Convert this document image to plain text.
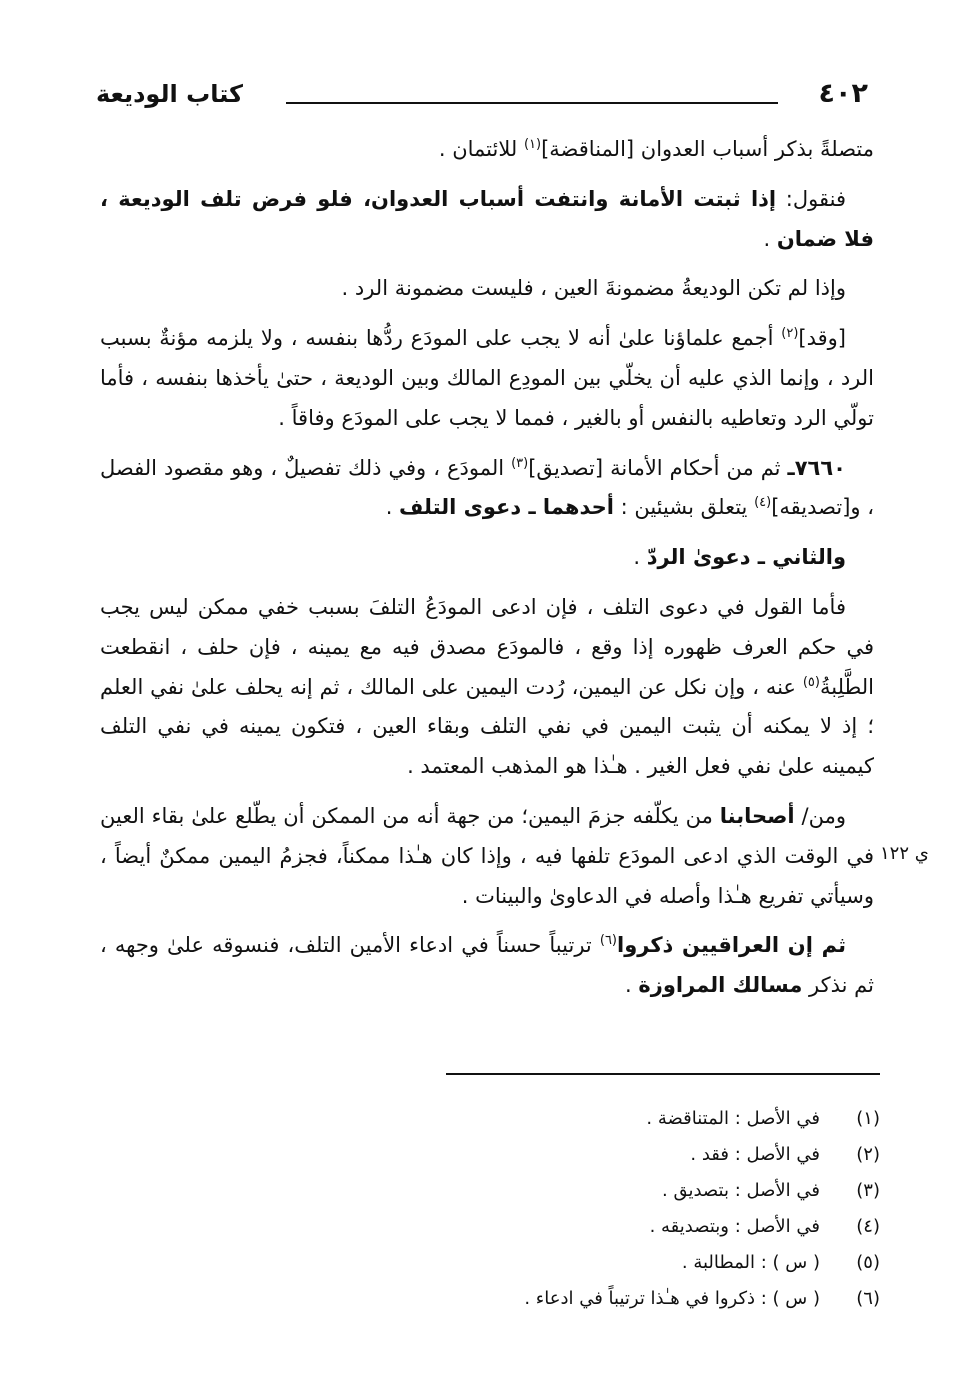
كتاب الوديعة	٤٠٢

متصلةً بذكر أسباب العدوان [المناقضة]$^{(١)}$ للائتمان .

فنقول: إذا ثبتت الأمانة وانتفت أسباب العدوان، فلو فرض تلف الوديعة ، فلا ضمان .

وإذا لم تكن الوديعةُ مضمونةَ العين ، فليست مضمونة الرد .

[وقد]$^{(٢)}$ أجمع علماؤنا علىٰ أنه لا يجب على المودَع ردُّها بنفسه ، ولا يلزمه مؤنةٌ بسبب الرد ، وإنما الذي عليه أن يخلّي بين المودِع المالك وبين الوديعة ، حتىٰ يأخذها بنفسه ، فأما تولّي الرد وتعاطيه بالنفس أو بالغير ، فمما لا يجب على المودَع وفاقاً .

٧٦٦٠ـ ثم من أحكام الأمانة [تصديق]$^{(٣)}$ المودَع ، وفي ذلك تفصيلٌ ، وهو مقصود الفصل ، و[تصديقه]$^{(٤)}$ يتعلق بشيئين : أحدهما ـ دعوى التلف .

والثاني ـ دعوىٰ الردّ .

فأما القول في دعوى التلف ، فإن ادعى المودَعُ التلفَ بسبب خفي ممكن ليس يجب في حكم العرف ظهوره إذا وقع ، فالمودَع مصدق فيه مع يمينه ، فإن حلف ، انقطعت الطَّلِبةُ$^{(٥)}$ عنه ، وإن نكل عن اليمين، رُدت اليمين على المالك ، ثم إنه يحلف علىٰ نفي العلم ؛ إذ لا يمكنه أن يثبت اليمين في نفي التلف وبقاء العين ، فتكون يمينه في نفي التلف كيمينه علىٰ نفي فعل الغير . هـٰذا هو المذهب المعتمد .

ومن/ أصحابنا من يكلّفه جزمَ اليمين؛ من جهة أنه من الممكن أن يطّلع علىٰ بقاء العين في الوقت الذي ادعى المودَع تلفها فيه ، وإذا كان هـٰذا ممكناً، فجزمُ اليمين ممكنٌ أيضاً ، وسيأتي تفريع هـٰذا وأصله في الدعاوىٰ والبينات .

ثم إن العراقيين ذكروا$^{(٦)}$ ترتيباً حسناً في ادعاء الأمين التلف، فنسوقه علىٰ وجهه ، ثم نذكر مسالك المراوزة .

ي ١٢٢
(١)في الأصل : المتناقضة .
(٢)في الأصل : فقد .
(٣)في الأصل : بتصديق .
(٤)في الأصل : وبتصديقه .
(٥)( س ) : المطالبة .
(٦)( س ) : ذكروا في هـٰذا ترتيباً في ادعاء .
